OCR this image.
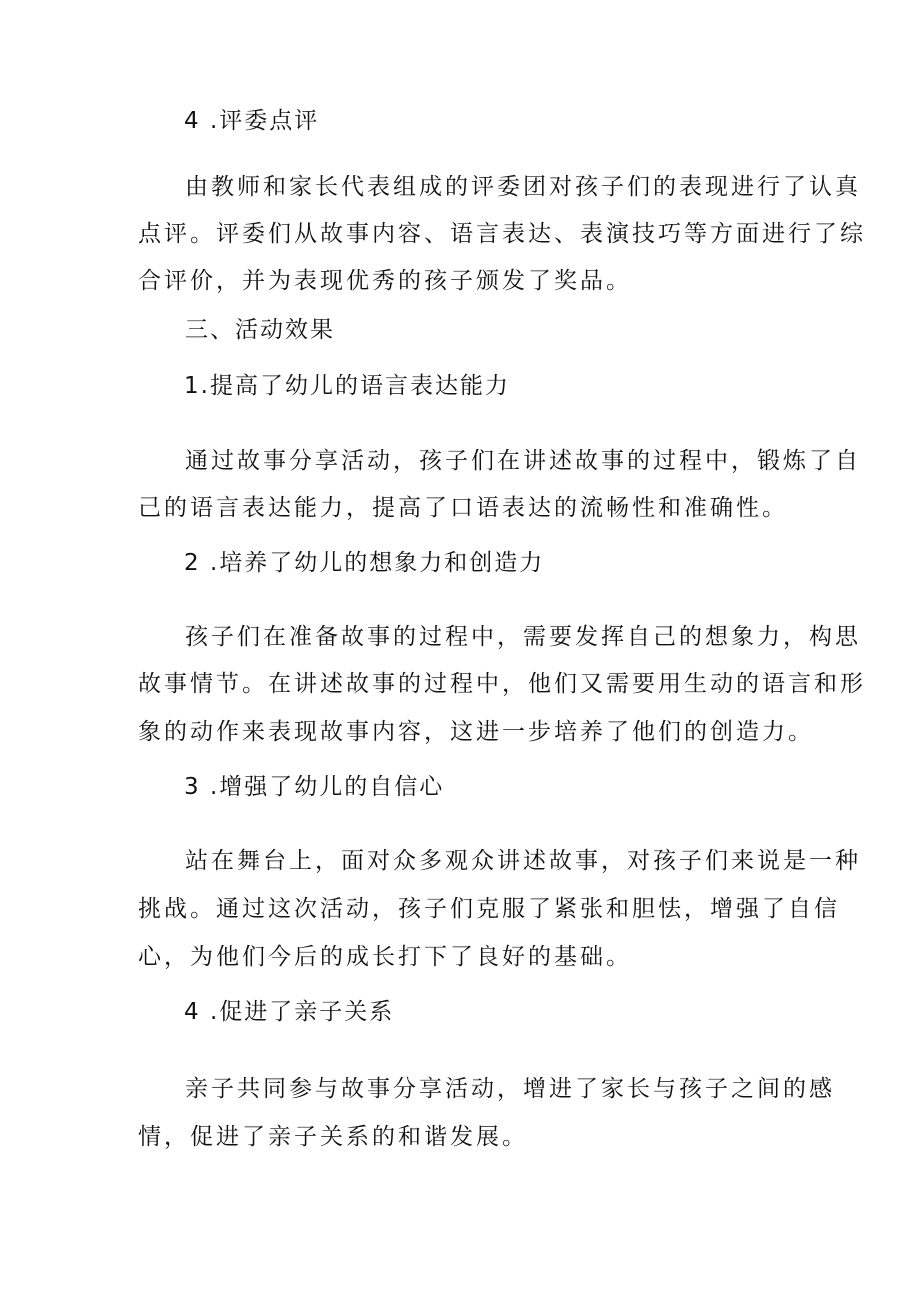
4 .评委点评
由教师和家长代表组成的评委团对孩子们的表现进行了认真
点评。评委们从故事内容、语言表达、表演技巧等方面进行了综
合评价，并为表现优秀的孩子颁发了奖品。
三、活动效果
1.提高了幼儿的语言表达能力
通过故事分享活动，孩子们在讲述故事的过程中，锻炼了自
己的语言表达能力，提高了口语表达的流畅性和准确性。
2 .培养了幼儿的想象力和创造力
孩子们在准备故事的过程中，需要发挥自己的想象力，构思
故事情节。在讲述故事的过程中，他们又需要用生动的语言和形
象的动作来表现故事内容，这进一步培养了他们的创造力。
3 .增强了幼儿的自信心
站在舞台上，面对众多观众讲述故事，对孩子们来说是一种
挑战。通过这次活动，孩子们克服了紧张和胆怯，增强了自信
心，为他们今后的成长打下了良好的基础。
4 .促进了亲子关系
亲子共同参与故事分享活动，增进了家长与孩子之间的感
情，促进了亲子关系的和谐发展。
